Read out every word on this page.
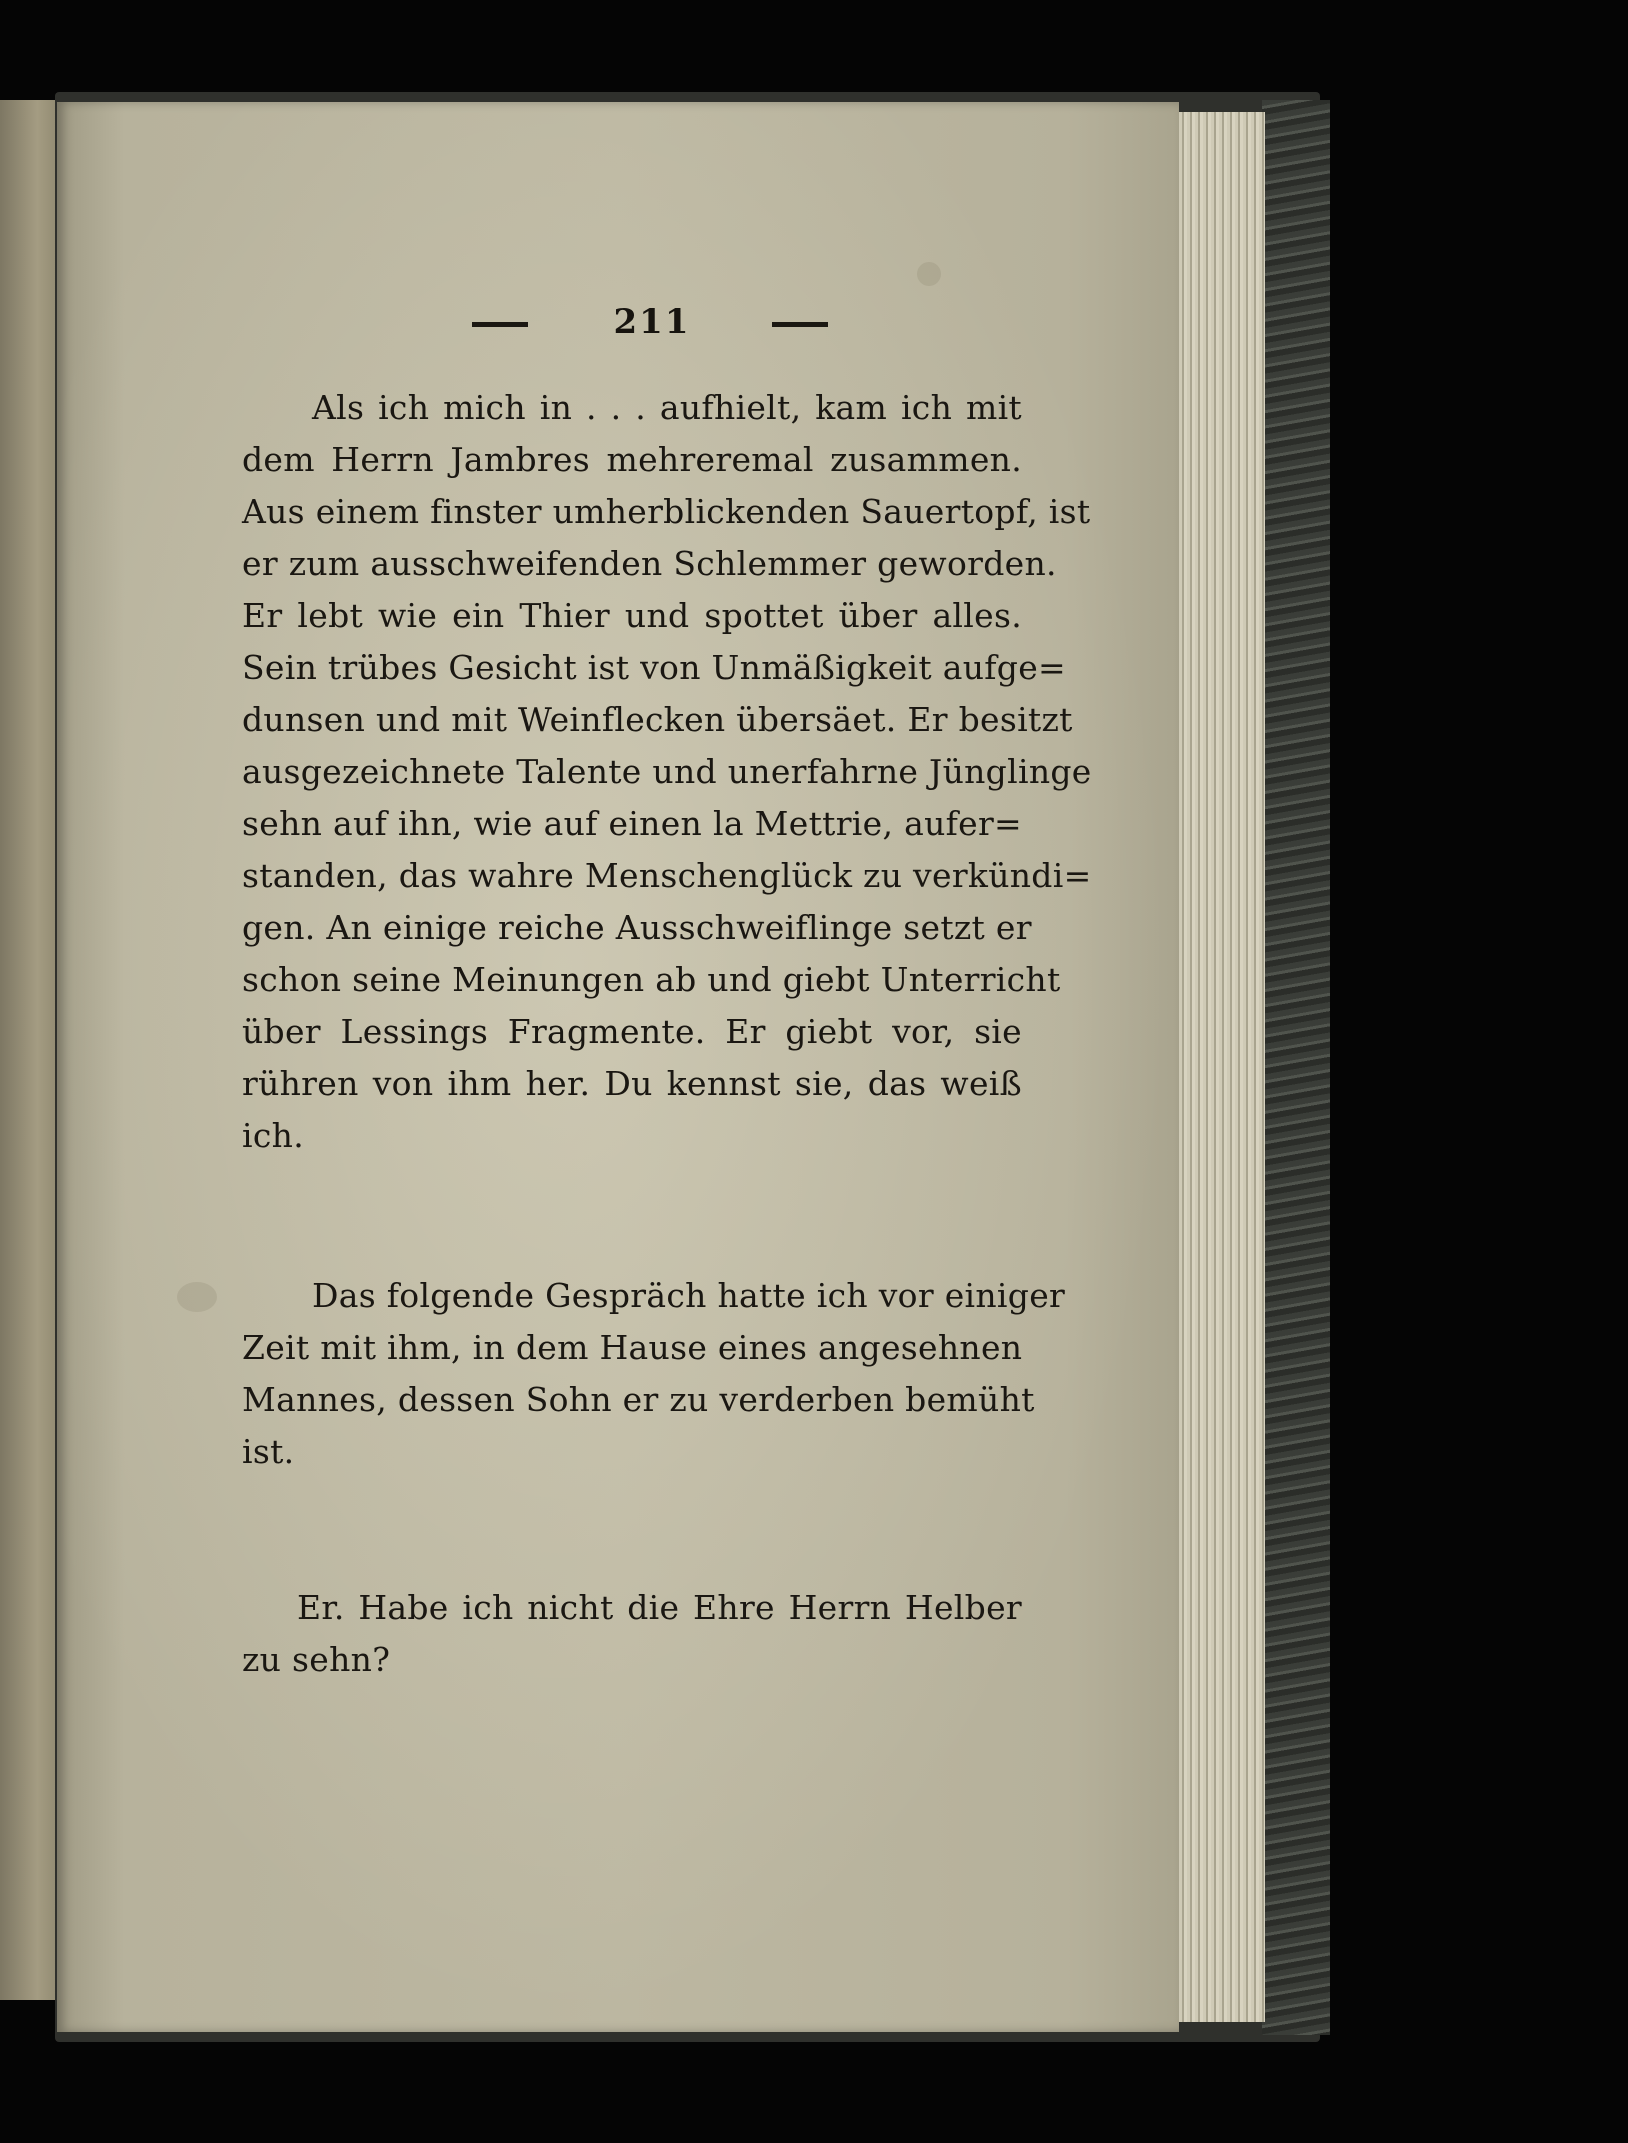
211
Als ich mich in . . . aufhielt, kam ich mit
dem Herrn Jambres mehreremal zusammen.
Aus einem finster umherblickenden Sauertopf, ist
er zum ausschweifenden Schlemmer geworden.
Er lebt wie ein Thier und spottet über alles.
Sein trübes Gesicht ist von Unmäßigkeit aufge=
dunsen und mit Weinflecken übersäet. Er besitzt
ausgezeichnete Talente und unerfahrne Jünglinge
sehn auf ihn, wie auf einen la Mettrie, aufer=
standen, das wahre Menschenglück zu verkündi=
gen. An einige reiche Ausschweiflinge setzt er
schon seine Meinungen ab und giebt Unterricht
über Lessings Fragmente. Er giebt vor, sie
rühren von ihm her. Du kennst sie, das weiß
ich.
Das folgende Gespräch hatte ich vor einiger
Zeit mit ihm, in dem Hause eines angesehnen
Mannes, dessen Sohn er zu verderben bemüht
ist.
Er. Habe ich nicht die Ehre Herrn Helber
zu sehn?
